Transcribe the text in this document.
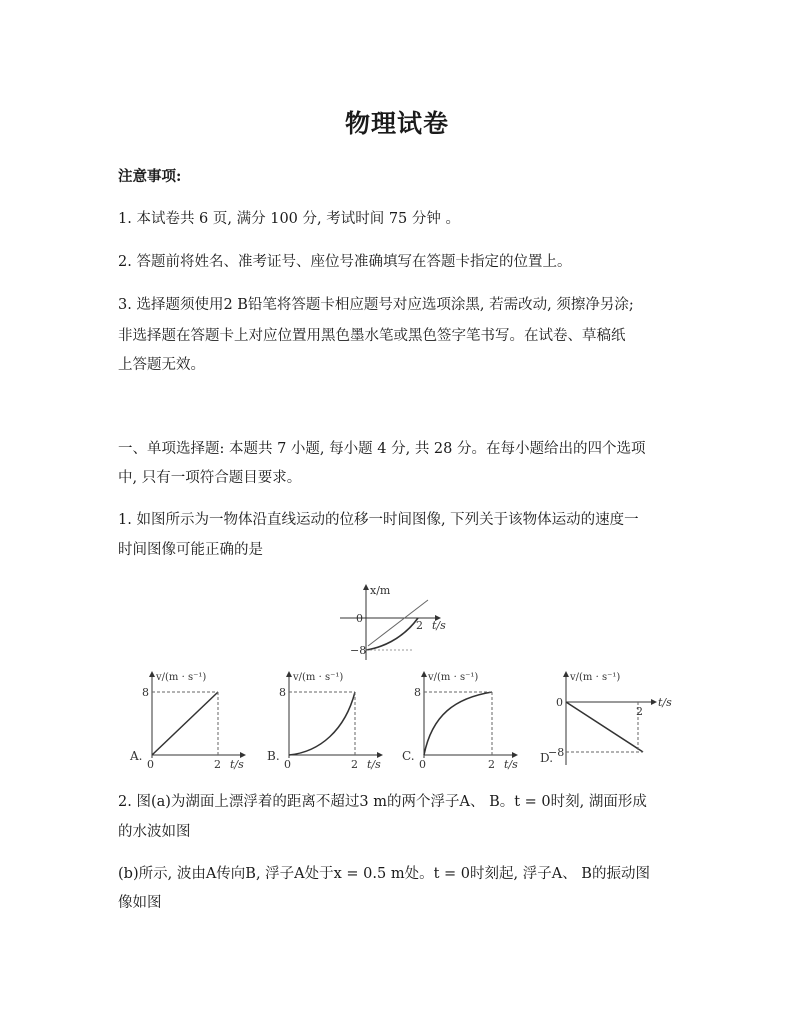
物理试卷
注意事项:
1. 本试卷共 6 页, 满分 100 分, 考试时间 75 分钟 。
2. 答题前将姓名、准考证号、座位号准确填写在答题卡指定的位置上。
3. 选择题须使用2 B铅笔将答题卡相应题号对应选项涂黑, 若需改动, 须擦净另涂;
非选择题在答题卡上对应位置用黑色墨水笔或黑色签字笔书写。在试卷、草稿纸
上答题无效。
一、单项选择题: 本题共 7 小题, 每小题 4 分, 共 28 分。在每小题给出的四个选项
中, 只有一项符合题目要求。
1. 如图所示为一物体沿直线运动的位移一时间图像, 下列关于该物体运动的速度一
时间图像可能正确的是
x/m
0
2 t/s
−8
v/(m · s⁻¹)
8
0	2 t/s
A.
v/(m · s⁻¹)
8
0	2 t/s
B.
v/(m · s⁻¹)
8
0	2 t/s
C.
v/(m · s⁻¹)
0
2
t/s
−8
D.
2. 图(a)为湖面上漂浮着的距离不超过3 m的两个浮子A、 B。t = 0时刻, 湖面形成
的水波如图
(b)所示, 波由A传向B, 浮子A处于x = 0.5 m处。t = 0时刻起, 浮子A、 B的振动图
像如图
